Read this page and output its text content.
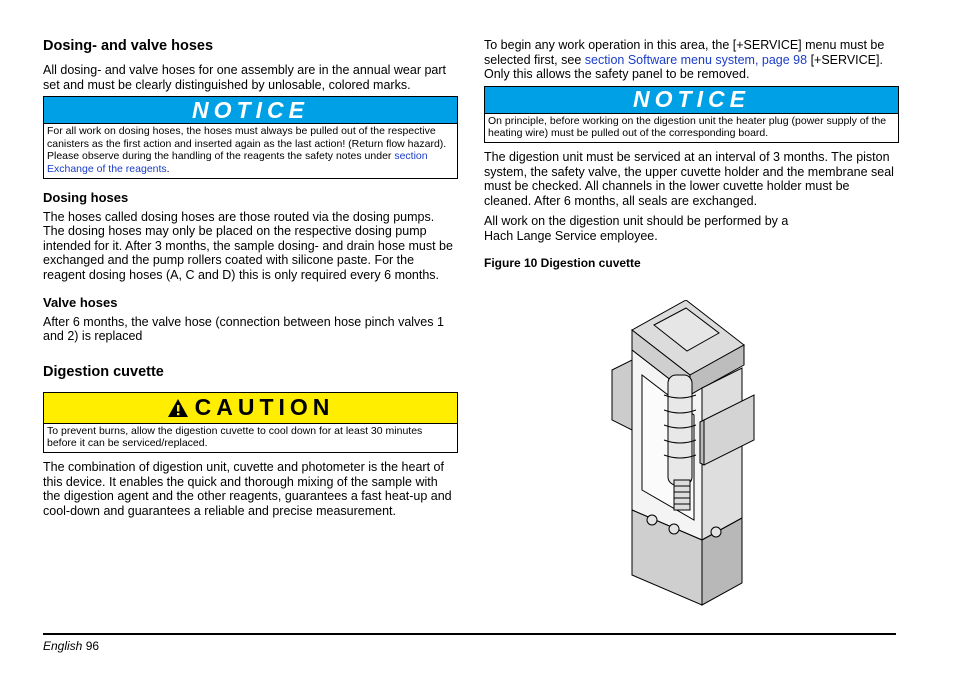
Dosing- and valve hoses

All dosing- and valve hoses for one assembly are in the annual wear part set and must be clearly distinguished by unlosable, colored marks.

NOTICE
For all work on dosing hoses, the hoses must always be pulled out of the respective canisters as the first action and inserted again as the last action! (Return flow hazard). Please observe during the handling of the reagents the safety notes under section Exchange of the reagents.
Dosing hoses

The hoses called dosing hoses are those routed via the dosing pumps. The dosing hoses may only be placed on the respective dosing pump intended for it. After 3 months, the sample dosing- and drain hose must be exchanged and the pump rollers coated with silicone paste. For the reagent dosing hoses (A, C and D) this is only required every 6 months.

Valve hoses

After 6 months, the valve hose (connection between hose pinch valves 1 and 2) is replaced

Digestion cuvette
CAUTION
To prevent burns, allow the digestion cuvette to cool down for at least 30 minutes before it can be serviced/replaced.

The combination of digestion unit, cuvette and photometer is the heart of this device. It enables the quick and thorough mixing of the sample with the digestion agent and the other reagents, guarantees a fast heat-up and cool-down and guarantees a reliable and precise measurement.

To begin any work operation in this area, the [+SERVICE] menu must be selected first, see section Software menu system, page 98 [+SERVICE]. Only this allows the safety panel to be removed.

NOTICE
On principle, before working on the digestion unit the heater plug (power supply of the heating wire) must be pulled out of the corresponding board.

The digestion unit must be serviced at an interval of 3 months. The piston system, the safety valve, the upper cuvette holder and the membrane seal must be checked. All channels in the lower cuvette holder must be cleaned. After 6 months, all seals are exchanged.

All work on the digestion unit should be performed by a
Hach Lange Service employee.

Figure 10 Digestion cuvette
English 96
